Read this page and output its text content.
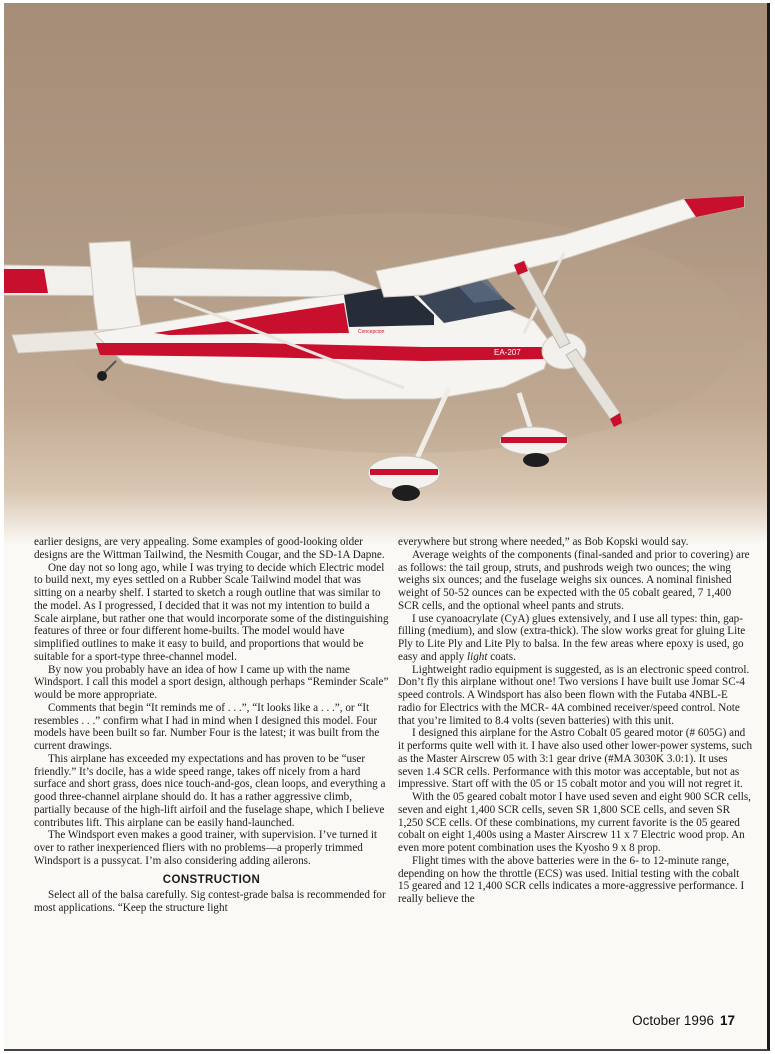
EA-207
Concepcion

earlier designs, are very appealing. Some examples of good-looking older designs are the Wittman Tailwind, the Nesmith Cougar, and the SD-1A Dapne.

One day not so long ago, while I was trying to decide which Electric model to build next, my eyes settled on a Rubber Scale Tailwind model that was sitting on a nearby shelf. I started to sketch a rough outline that was similar to the model. As I progressed, I decided that it was not my intention to build a Scale airplane, but rather one that would incorporate some of the distinguishing features of three or four different home-builts. The model would have simplified outlines to make it easy to build, and proportions that would be suitable for a sport-type three-channel model.

By now you probably have an idea of how I came up with the name Windsport. I call this model a sport design, although perhaps “Reminder Scale” would be more appropriate.

Comments that begin “It reminds me of . . .”, “It looks like a . . .”, or “It resembles . . .” confirm what I had in mind when I designed this model. Four models have been built so far. Number Four is the latest; it was built from the current drawings.

This airplane has exceeded my expectations and has proven to be “user friendly.” It’s docile, has a wide speed range, takes off nicely from a hard surface and short grass, does nice touch-and-gos, clean loops, and everything a good three-channel airplane should do. It has a rather aggressive climb, partially because of the high-lift airfoil and the fuselage shape, which I believe contributes lift. This airplane can be easily hand-launched.

The Windsport even makes a good trainer, with supervision. I’ve turned it over to rather inexperienced fliers with no problems—a properly trimmed Windsport is a pussycat. I’m also considering adding ailerons.

CONSTRUCTION

Select all of the balsa carefully. Sig contest-grade balsa is recommended for most applications. “Keep the structure light

everywhere but strong where needed,” as Bob Kopski would say.

Average weights of the components (final-sanded and prior to covering) are as follows: the tail group, struts, and pushrods weigh two ounces; the wing weighs six ounces; and the fuselage weighs six ounces. A nominal finished weight of 50-52 ounces can be expected with the 05 cobalt geared, 7 1,400 SCR cells, and the optional wheel pants and struts.

I use cyanoacrylate (CyA) glues extensively, and I use all types: thin, gap-filling (medium), and slow (extra-thick). The slow works great for gluing Lite Ply to Lite Ply and Lite Ply to balsa. In the few areas where epoxy is used, go easy and apply light coats.

Lightweight radio equipment is suggested, as is an electronic speed control. Don’t fly this airplane without one! Two versions I have built use Jomar SC-4 speed controls. A Windsport has also been flown with the Futaba 4NBL-E radio for Electrics with the MCR- 4A combined receiver/speed control. Note that you’re limited to 8.4 volts (seven batteries) with this unit.

I designed this airplane for the Astro Cobalt 05 geared motor (# 605G) and it performs quite well with it. I have also used other lower-power systems, such as the Master Airscrew 05 with 3:1 gear drive (#MA 3030K 3.0:1). It uses seven 1.4 SCR cells. Performance with this motor was acceptable, but not as impressive. Start off with the 05 or 15 cobalt motor and you will not regret it.

With the 05 geared cobalt motor I have used seven and eight 900 SCR cells, seven and eight 1,400 SCR cells, seven SR 1,800 SCE cells, and seven SR 1,250 SCE cells. Of these combinations, my current favorite is the 05 geared cobalt on eight 1,400s using a Master Airscrew 11 x 7 Electric wood prop. An even more potent combination uses the Kyosho 9 x 8 prop.

Flight times with the above batteries were in the 6- to 12-minute range, depending on how the throttle (ECS) was used. Initial testing with the cobalt 15 geared and 12 1,400 SCR cells indicates a more-aggressive performance. I really believe the

October 1996 17
